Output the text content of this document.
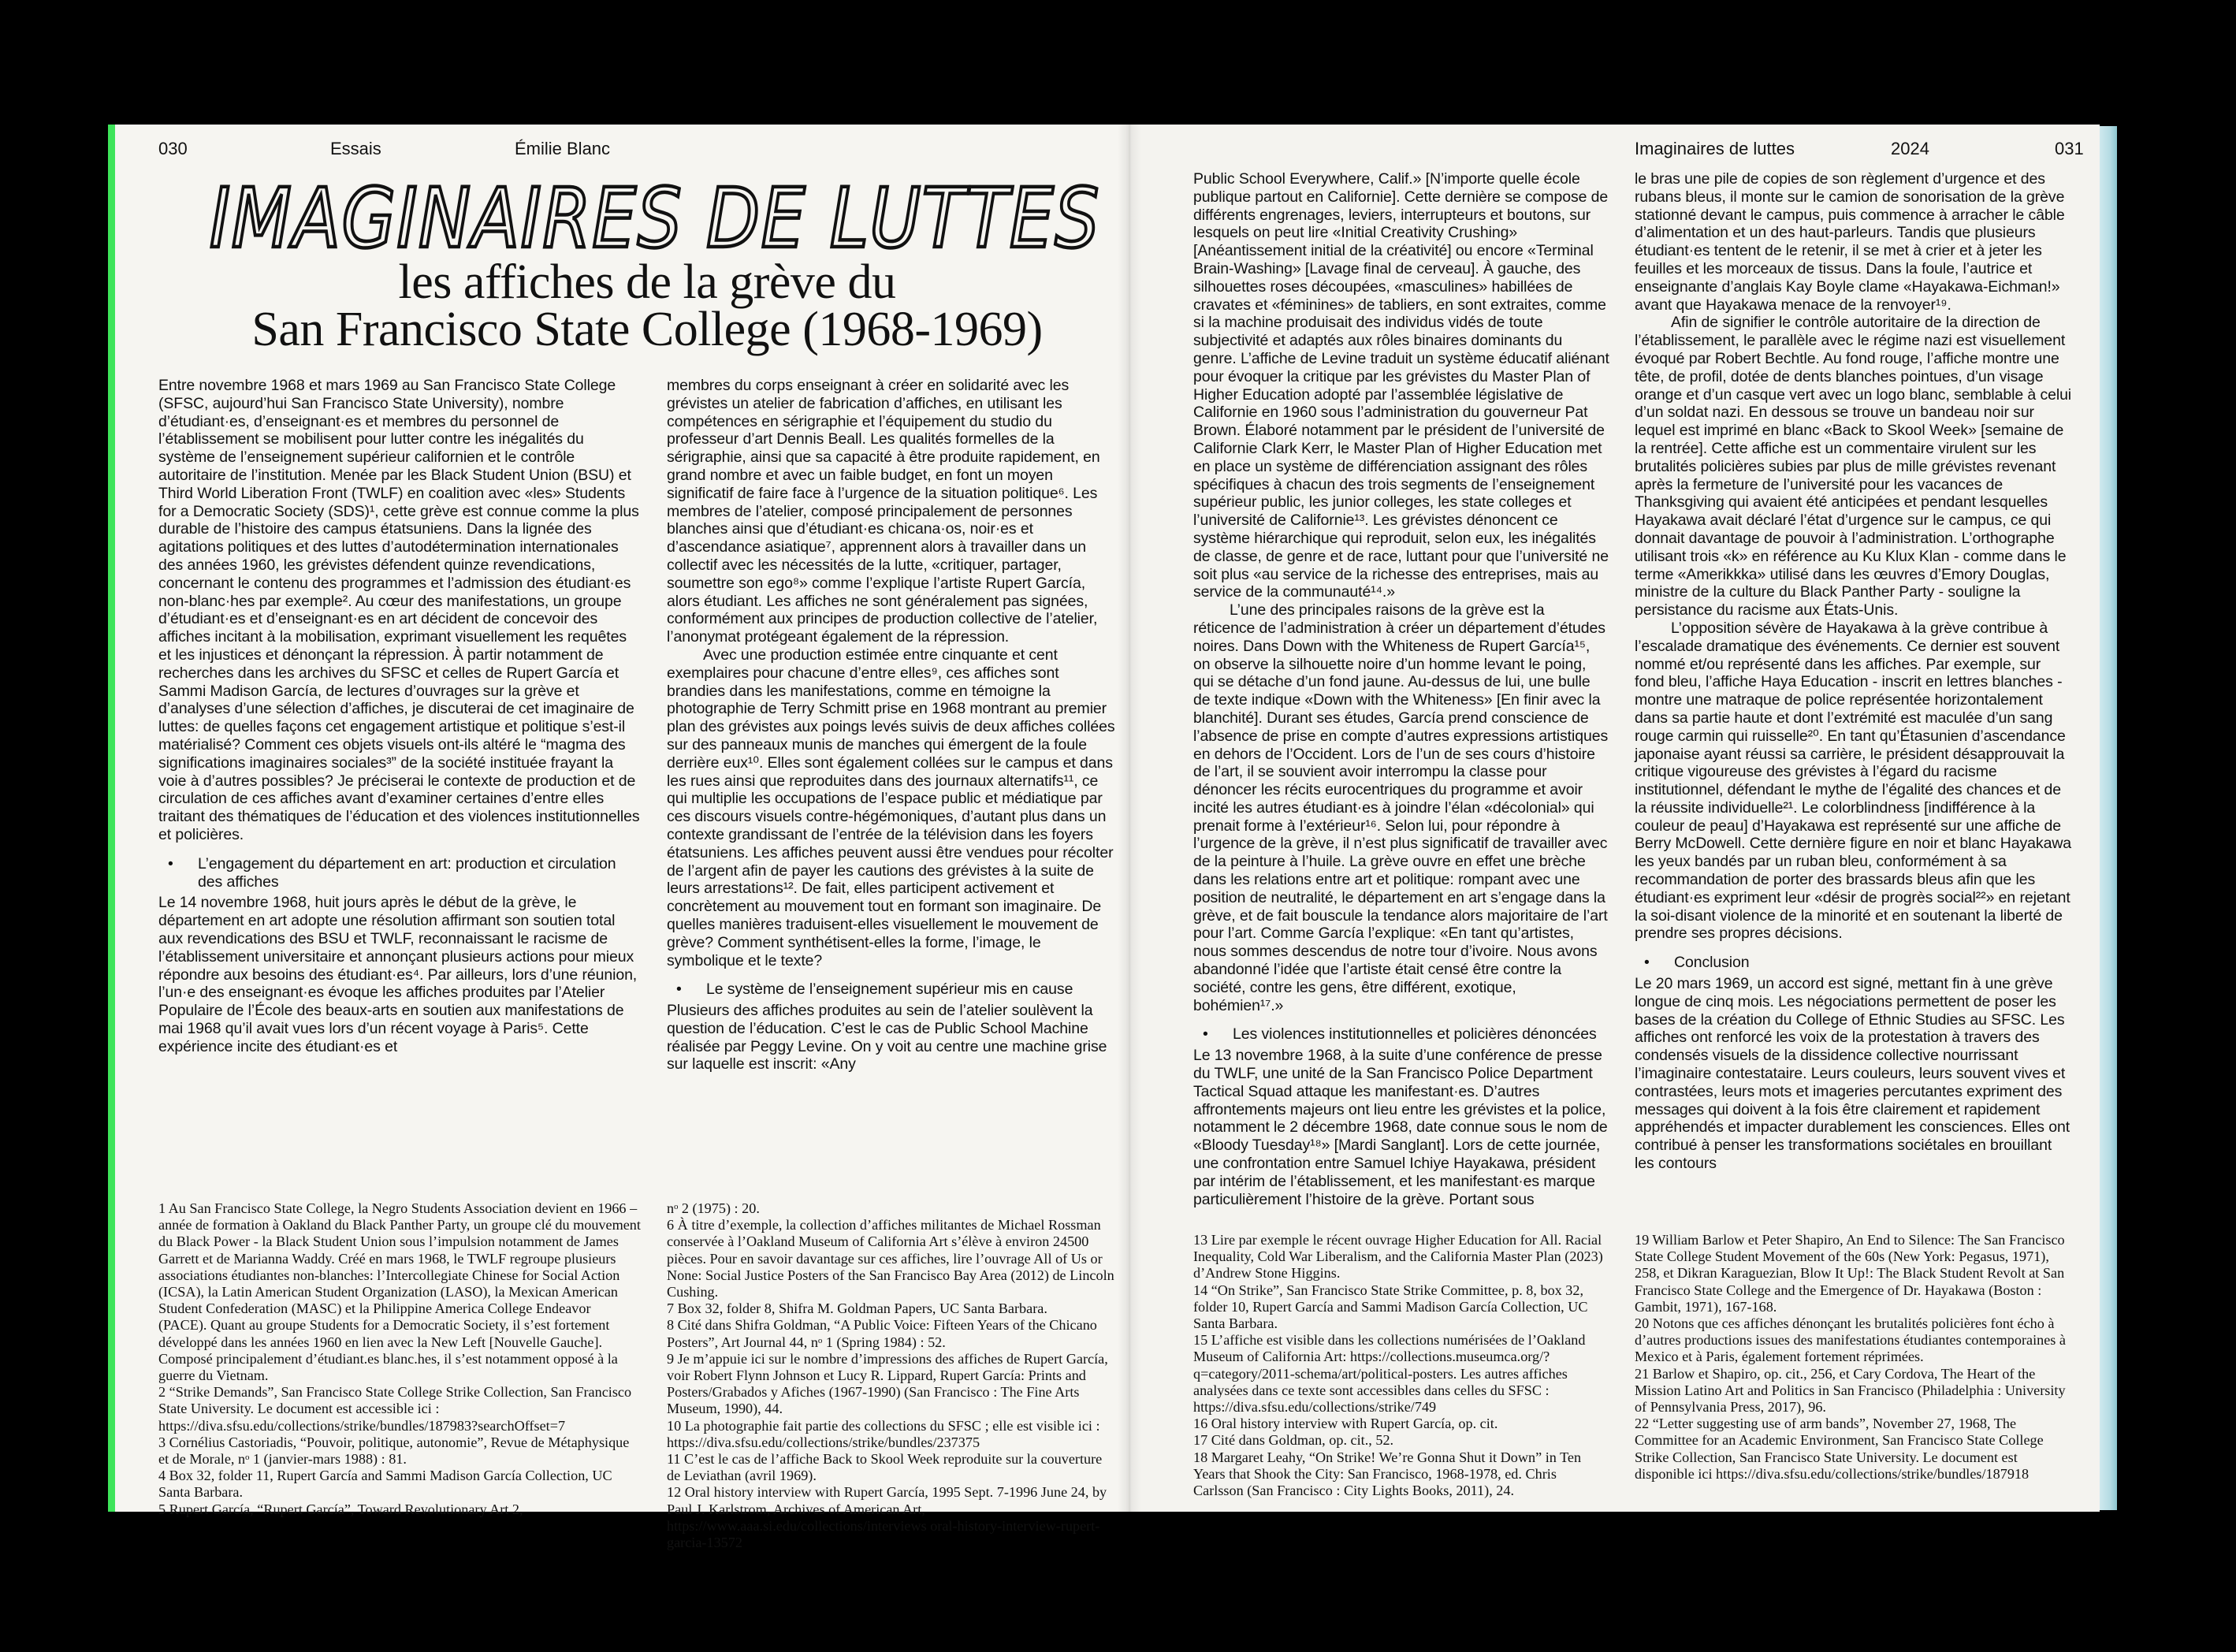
030	Essais	Émilie Blanc
IMAGINAIRES DE LUTTES
les affiches de la grève du
San Francisco State College (1968-1969)

Entre novembre 1968 et mars 1969 au San Francisco State College (SFSC, aujourd’hui San Francisco State University), nombre d’étudiant·es, d’enseignant·es et membres du personnel de l’établissement se mobilisent pour lutter contre les inégalités du système de l’enseignement supérieur californien et le contrôle autoritaire de l’institution. Menée par les Black Student Union (BSU) et Third World Liberation Front (TWLF) en coalition avec «les» Students for a Democratic Society (SDS)¹, cette grève est connue comme la plus durable de l’histoire des campus étatsuniens. Dans la lignée des agitations politiques et des luttes d’autodétermination internationales des années 1960, les grévistes défendent quinze revendications, concernant le contenu des programmes et l’admission des étudiant·es non-blanc·hes par exemple². Au cœur des manifestations, un groupe d’étudiant·es et d’enseignant·es en art décident de concevoir des affiches incitant à la mobilisation, exprimant visuellement les requêtes et les injustices et dénonçant la répression. À partir notamment de recherches dans les archives du SFSC et celles de Rupert García et Sammi Madison García, de lectures d’ouvrages sur la grève et d’analyses d’une sélection d’affiches, je discuterai de cet imaginaire de luttes: de quelles façons cet engagement artistique et politique s’est-il matérialisé? Comment ces objets visuels ont-ils altéré le “magma des significations imaginaires sociales³” de la société instituée frayant la voie à d’autres possibles? Je préciserai le contexte de production et de circulation de ces affiches avant d’examiner certaines d’entre elles traitant des thématiques de l’éducation et des violences institutionnelles et policières.

•	L’engagement du département en art: production et circulation des affiches

Le 14 novembre 1968, huit jours après le début de la grève, le département en art adopte une résolution affirmant son soutien total aux revendications des BSU et TWLF, reconnaissant le racisme de l’établissement universitaire et annonçant plusieurs actions pour mieux répondre aux besoins des étudiant·es⁴. Par ailleurs, lors d’une réunion, l’un·e des enseignant·es évoque les affiches produites par l’Atelier Populaire de l’École des beaux-arts en soutien aux manifestations de mai 1968 qu’il avait vues lors d’un récent voyage à Paris⁵. Cette expérience incite des étudiant·es et

membres du corps enseignant à créer en solidarité avec les grévistes un atelier de fabrication d’affiches, en utilisant les compétences en sérigraphie et l’équipement du studio du professeur d’art Dennis Beall. Les qualités formelles de la sérigraphie, ainsi que sa capacité à être produite rapidement, en grand nombre et avec un faible budget, en font un moyen significatif de faire face à l’urgence de la situation politique⁶. Les membres de l’atelier, composé principalement de personnes blanches ainsi que d’étudiant·es chicana·os, noir·es et d’ascendance asiatique⁷, apprennent alors à travailler dans un collectif avec les nécessités de la lutte, «critiquer, partager, soumettre son ego⁸» comme l’explique l’artiste Rupert García, alors étudiant. Les affiches ne sont généralement pas signées, conformément aux principes de production collective de l’atelier, l’anonymat protégeant également de la répression.

Avec une production estimée entre cinquante et cent exemplaires pour chacune d’entre elles⁹, ces affiches sont brandies dans les manifestations, comme en témoigne la photographie de Terry Schmitt prise en 1968 montrant au premier plan des grévistes aux poings levés suivis de deux affiches collées sur des panneaux munis de manches qui émergent de la foule derrière eux¹⁰. Elles sont également collées sur le campus et dans les rues ainsi que reproduites dans des journaux alternatifs¹¹, ce qui multiplie les occupations de l’espace public et médiatique par ces discours visuels contre-hégémoniques, d’autant plus dans un contexte grandissant de l’entrée de la télévision dans les foyers étatsuniens. Les affiches peuvent aussi être vendues pour récolter de l’argent afin de payer les cautions des grévistes à la suite de leurs arrestations¹². De fait, elles participent activement et concrètement au mouvement tout en formant son imaginaire. De quelles manières traduisent-elles visuellement le mouvement de grève? Comment synthétisent-elles la forme, l’image, le symbolique et le texte?

•	Le système de l’enseignement supérieur mis en cause

Plusieurs des affiches produites au sein de l’atelier soulèvent la question de l’éducation. C’est le cas de Public School Machine réalisée par Peggy Levine. On y voit au centre une machine grise sur laquelle est inscrit: «Any

1 Au San Francisco State College, la Negro Students Association devient en 1966 – année de formation à Oakland du Black Panther Party, un groupe clé du mouvement du Black Power - la Black Student Union sous l’impulsion notamment de James Garrett et de Marianna Waddy. Créé en mars 1968, le TWLF regroupe plusieurs associations étudiantes non-blanches: l’Intercollegiate Chinese for Social Action (ICSA), la Latin American Student Organization (LASO), la Mexican American Student Confederation (MASC) et la Philippine America College Endeavor (PACE). Quant au groupe Students for a Democratic Society, il s’est fortement développé dans les années 1960 en lien avec la New Left [Nouvelle Gauche]. Composé principalement d’étudiant.es blanc.hes, il s’est notamment opposé à la guerre du Vietnam.
2 “Strike Demands”, San Francisco State College Strike Collection, San Francisco State University. Le document est accessible ici : https://diva.sfsu.edu/collections/strike/bundles/187983?searchOffset=7
3 Cornélius Castoriadis, “Pouvoir, politique, autonomie”, Revue de Métaphysique et de Morale, nᵒ 1 (janvier-mars 1988) : 81.
4 Box 32, folder 11, Rupert García and Sammi Madison García Collection, UC Santa Barbara.
5 Rupert García, “Rupert García”, Toward Revolutionary Art 2,
nᵒ 2 (1975) : 20.
6 À titre d’exemple, la collection d’affiches militantes de Michael Rossman conservée à l’Oakland Museum of California Art s’élève à environ 24500 pièces. Pour en savoir davantage sur ces affiches, lire l’ouvrage All of Us or None: Social Justice Posters of the San Francisco Bay Area (2012) de Lincoln Cushing.
7 Box 32, folder 8, Shifra M. Goldman Papers, UC Santa Barbara.
8 Cité dans Shifra Goldman, “A Public Voice: Fifteen Years of the Chicano Posters”, Art Journal 44, nᵒ 1 (Spring 1984) : 52.
9 Je m’appuie ici sur le nombre d’impressions des affiches de Rupert García, voir Robert Flynn Johnson et Lucy R. Lippard, Rupert García: Prints and Posters/Grabados y Afiches (1967-1990) (San Francisco : The Fine Arts Museum, 1990), 44.
10 La photographie fait partie des collections du SFSC ; elle est visible ici : https://diva.sfsu.edu/collections/strike/bundles/237375
11 C’est le cas de l’affiche Back to Skool Week reproduite sur la couverture de Leviathan (avril 1969).
12 Oral history interview with Rupert García, 1995 Sept. 7-1996 June 24, by Paul J. Karlstrom, Archives of American Art, https://www.aaa.si.edu/collections/interviews oral-history-interview-rupert-garcia-13572
Imaginaires de luttes	2024	031

Public School Everywhere, Calif.» [N’importe quelle école publique partout en Californie]. Cette dernière se compose de différents engrenages, leviers, interrupteurs et boutons, sur lesquels on peut lire «Initial Creativity Crushing» [Anéantissement initial de la créativité] ou encore «Terminal Brain-Washing» [Lavage final de cerveau]. À gauche, des silhouettes roses découpées, «masculines» habillées de cravates et «féminines» de tabliers, en sont extraites, comme si la machine produisait des individus vidés de toute subjectivité et adaptés aux rôles binaires dominants du genre. L’affiche de Levine traduit un système éducatif aliénant pour évoquer la critique par les grévistes du Master Plan of Higher Education adopté par l’assemblée législative de Californie en 1960 sous l’administration du gouverneur Pat Brown. Élaboré notamment par le président de l’université de Californie Clark Kerr, le Master Plan of Higher Education met en place un système de différenciation assignant des rôles spécifiques à chacun des trois segments de l’enseignement supérieur public, les junior colleges, les state colleges et l’université de Californie¹³. Les grévistes dénoncent ce système hiérarchique qui reproduit, selon eux, les inégalités de classe, de genre et de race, luttant pour que l’université ne soit plus «au service de la richesse des entreprises, mais au service de la communauté¹⁴.»

L’une des principales raisons de la grève est la réticence de l’administration à créer un département d’études noires. Dans Down with the Whiteness de Rupert García¹⁵, on observe la silhouette noire d’un homme levant le poing, qui se détache d’un fond jaune. Au-dessus de lui, une bulle de texte indique «Down with the Whiteness» [En finir avec la blanchité]. Durant ses études, García prend conscience de l’absence de prise en compte d’autres expressions artistiques en dehors de l’Occident. Lors de l’un de ses cours d’histoire de l’art, il se souvient avoir interrompu la classe pour dénoncer les récits eurocentriques du programme et avoir incité les autres étudiant·es à joindre l’élan «décolonial» qui prenait forme à l’extérieur¹⁶. Selon lui, pour répondre à l’urgence de la grève, il n’est plus significatif de travailler avec de la peinture à l’huile. La grève ouvre en effet une brèche dans les relations entre art et politique: rompant avec une position de neutralité, le département en art s’engage dans la grève, et de fait bouscule la tendance alors majoritaire de l’art pour l’art. Comme García l’explique: «En tant qu’artistes, nous sommes descendus de notre tour d’ivoire. Nous avons abandonné l’idée que l’artiste était censé être contre la société, contre les gens, être différent, exotique, bohémien¹⁷.»

•	Les violences institutionnelles et policières dénoncées

Le 13 novembre 1968, à la suite d’une conférence de presse du TWLF, une unité de la San Francisco Police Department Tactical Squad attaque les manifestant·es. D’autres affrontements majeurs ont lieu entre les grévistes et la police, notamment le 2 décembre 1968, date connue sous le nom de «Bloody Tuesday¹⁸» [Mardi Sanglant]. Lors de cette journée, une confrontation entre Samuel Ichiye Hayakawa, président par intérim de l’établissement, et les manifestant·es marque particulièrement l’histoire de la grève. Portant sous

le bras une pile de copies de son règlement d’urgence et des rubans bleus, il monte sur le camion de sonorisation de la grève stationné devant le campus, puis commence à arracher le câble d’alimentation et un des haut-parleurs. Tandis que plusieurs étudiant·es tentent de le retenir, il se met à crier et à jeter les feuilles et les morceaux de tissus. Dans la foule, l’autrice et enseignante d’anglais Kay Boyle clame «Hayakawa-Eichman!» avant que Hayakawa menace de la renvoyer¹⁹.

Afin de signifier le contrôle autoritaire de la direction de l’établissement, le parallèle avec le régime nazi est visuellement évoqué par Robert Bechtle. Au fond rouge, l’affiche montre une tête, de profil, dotée de dents blanches pointues, d’un visage orange et d’un casque vert avec un logo blanc, semblable à celui d’un soldat nazi. En dessous se trouve un bandeau noir sur lequel est imprimé en blanc «Back to Skool Week» [semaine de la rentrée]. Cette affiche est un commentaire virulent sur les brutalités policières subies par plus de mille grévistes revenant après la fermeture de l’université pour les vacances de Thanksgiving qui avaient été anticipées et pendant lesquelles Hayakawa avait déclaré l’état d’urgence sur le campus, ce qui donnait davantage de pouvoir à l’administration. L’orthographe utilisant trois «k» en référence au Ku Klux Klan - comme dans le terme «Amerikkka» utilisé dans les œuvres d’Emory Douglas, ministre de la culture du Black Panther Party - souligne la persistance du racisme aux États-Unis.

L’opposition sévère de Hayakawa à la grève contribue à l’escalade dramatique des événements. Ce dernier est souvent nommé et/ou représenté dans les affiches. Par exemple, sur fond bleu, l’affiche Haya Education - inscrit en lettres blanches - montre une matraque de police représentée horizontalement dans sa partie haute et dont l’extrémité est maculée d’un sang rouge carmin qui ruisselle²⁰. En tant qu’Étasunien d’ascendance japonaise ayant réussi sa carrière, le président désapprouvait la critique vigoureuse des grévistes à l’égard du racisme institutionnel, défendant le mythe de l’égalité des chances et de la réussite individuelle²¹. Le colorblindness [indifférence à la couleur de peau] d’Hayakawa est représenté sur une affiche de Berry McDowell. Cette dernière figure en noir et blanc Hayakawa les yeux bandés par un ruban bleu, conformément à sa recommandation de porter des brassards bleus afin que les étudiant·es expriment leur «désir de progrès social²²» en rejetant la soi-disant violence de la minorité et en soutenant la liberté de prendre ses propres décisions.

•	Conclusion

Le 20 mars 1969, un accord est signé, mettant fin à une grève longue de cinq mois. Les négociations permettent de poser les bases de la création du College of Ethnic Studies au SFSC. Les affiches ont renforcé les voix de la protestation à travers des condensés visuels de la dissidence collective nourrissant l’imaginaire contestataire. Leurs couleurs, leurs souvent vives et contrastées, leurs mots et imageries percutantes expriment des messages qui doivent à la fois être clairement et rapidement appréhendés et impacter durablement les consciences. Elles ont contribué à penser les transformations sociétales en brouillant les contours

13 Lire par exemple le récent ouvrage Higher Education for All. Racial Inequality, Cold War Liberalism, and the California Master Plan (2023) d’Andrew Stone Higgins.
14 “On Strike”, San Francisco State Strike Committee, p. 8, box 32, folder 10, Rupert García and Sammi Madison García Collection, UC Santa Barbara.
15 L’affiche est visible dans les collections numérisées de l’Oakland Museum of California Art: https://collections.museumca.org/?q=category/2011-schema/art/political-posters. Les autres affiches analysées dans ce texte sont accessibles dans celles du SFSC : https://diva.sfsu.edu/collections/strike/749
16 Oral history interview with Rupert García, op. cit.
17 Cité dans Goldman, op. cit., 52.
18 Margaret Leahy, “On Strike! We’re Gonna Shut it Down” in Ten Years that Shook the City: San Francisco, 1968-1978, ed. Chris Carlsson (San Francisco : City Lights Books, 2011), 24.
19 William Barlow et Peter Shapiro, An End to Silence: The San Francisco State College Student Movement of the 60s (New York: Pegasus, 1971), 258, et Dikran Karaguezian, Blow It Up!: The Black Student Revolt at San Francisco State College and the Emergence of Dr. Hayakawa (Boston : Gambit, 1971), 167-168.
20 Notons que ces affiches dénonçant les brutalités policières font écho à d’autres productions issues des manifestations étudiantes contemporaines à Mexico et à Paris, également fortement réprimées.
21 Barlow et Shapiro, op. cit., 256, et Cary Cordova, The Heart of the Mission Latino Art and Politics in San Francisco (Philadelphia : University of Pennsylvania Press, 2017), 96.
22 “Letter suggesting use of arm bands”, November 27, 1968, The Committee for an Academic Environment, San Francisco State College Strike Collection, San Francisco State University. Le document est disponible ici https://diva.sfsu.edu/collections/strike/bundles/187918
